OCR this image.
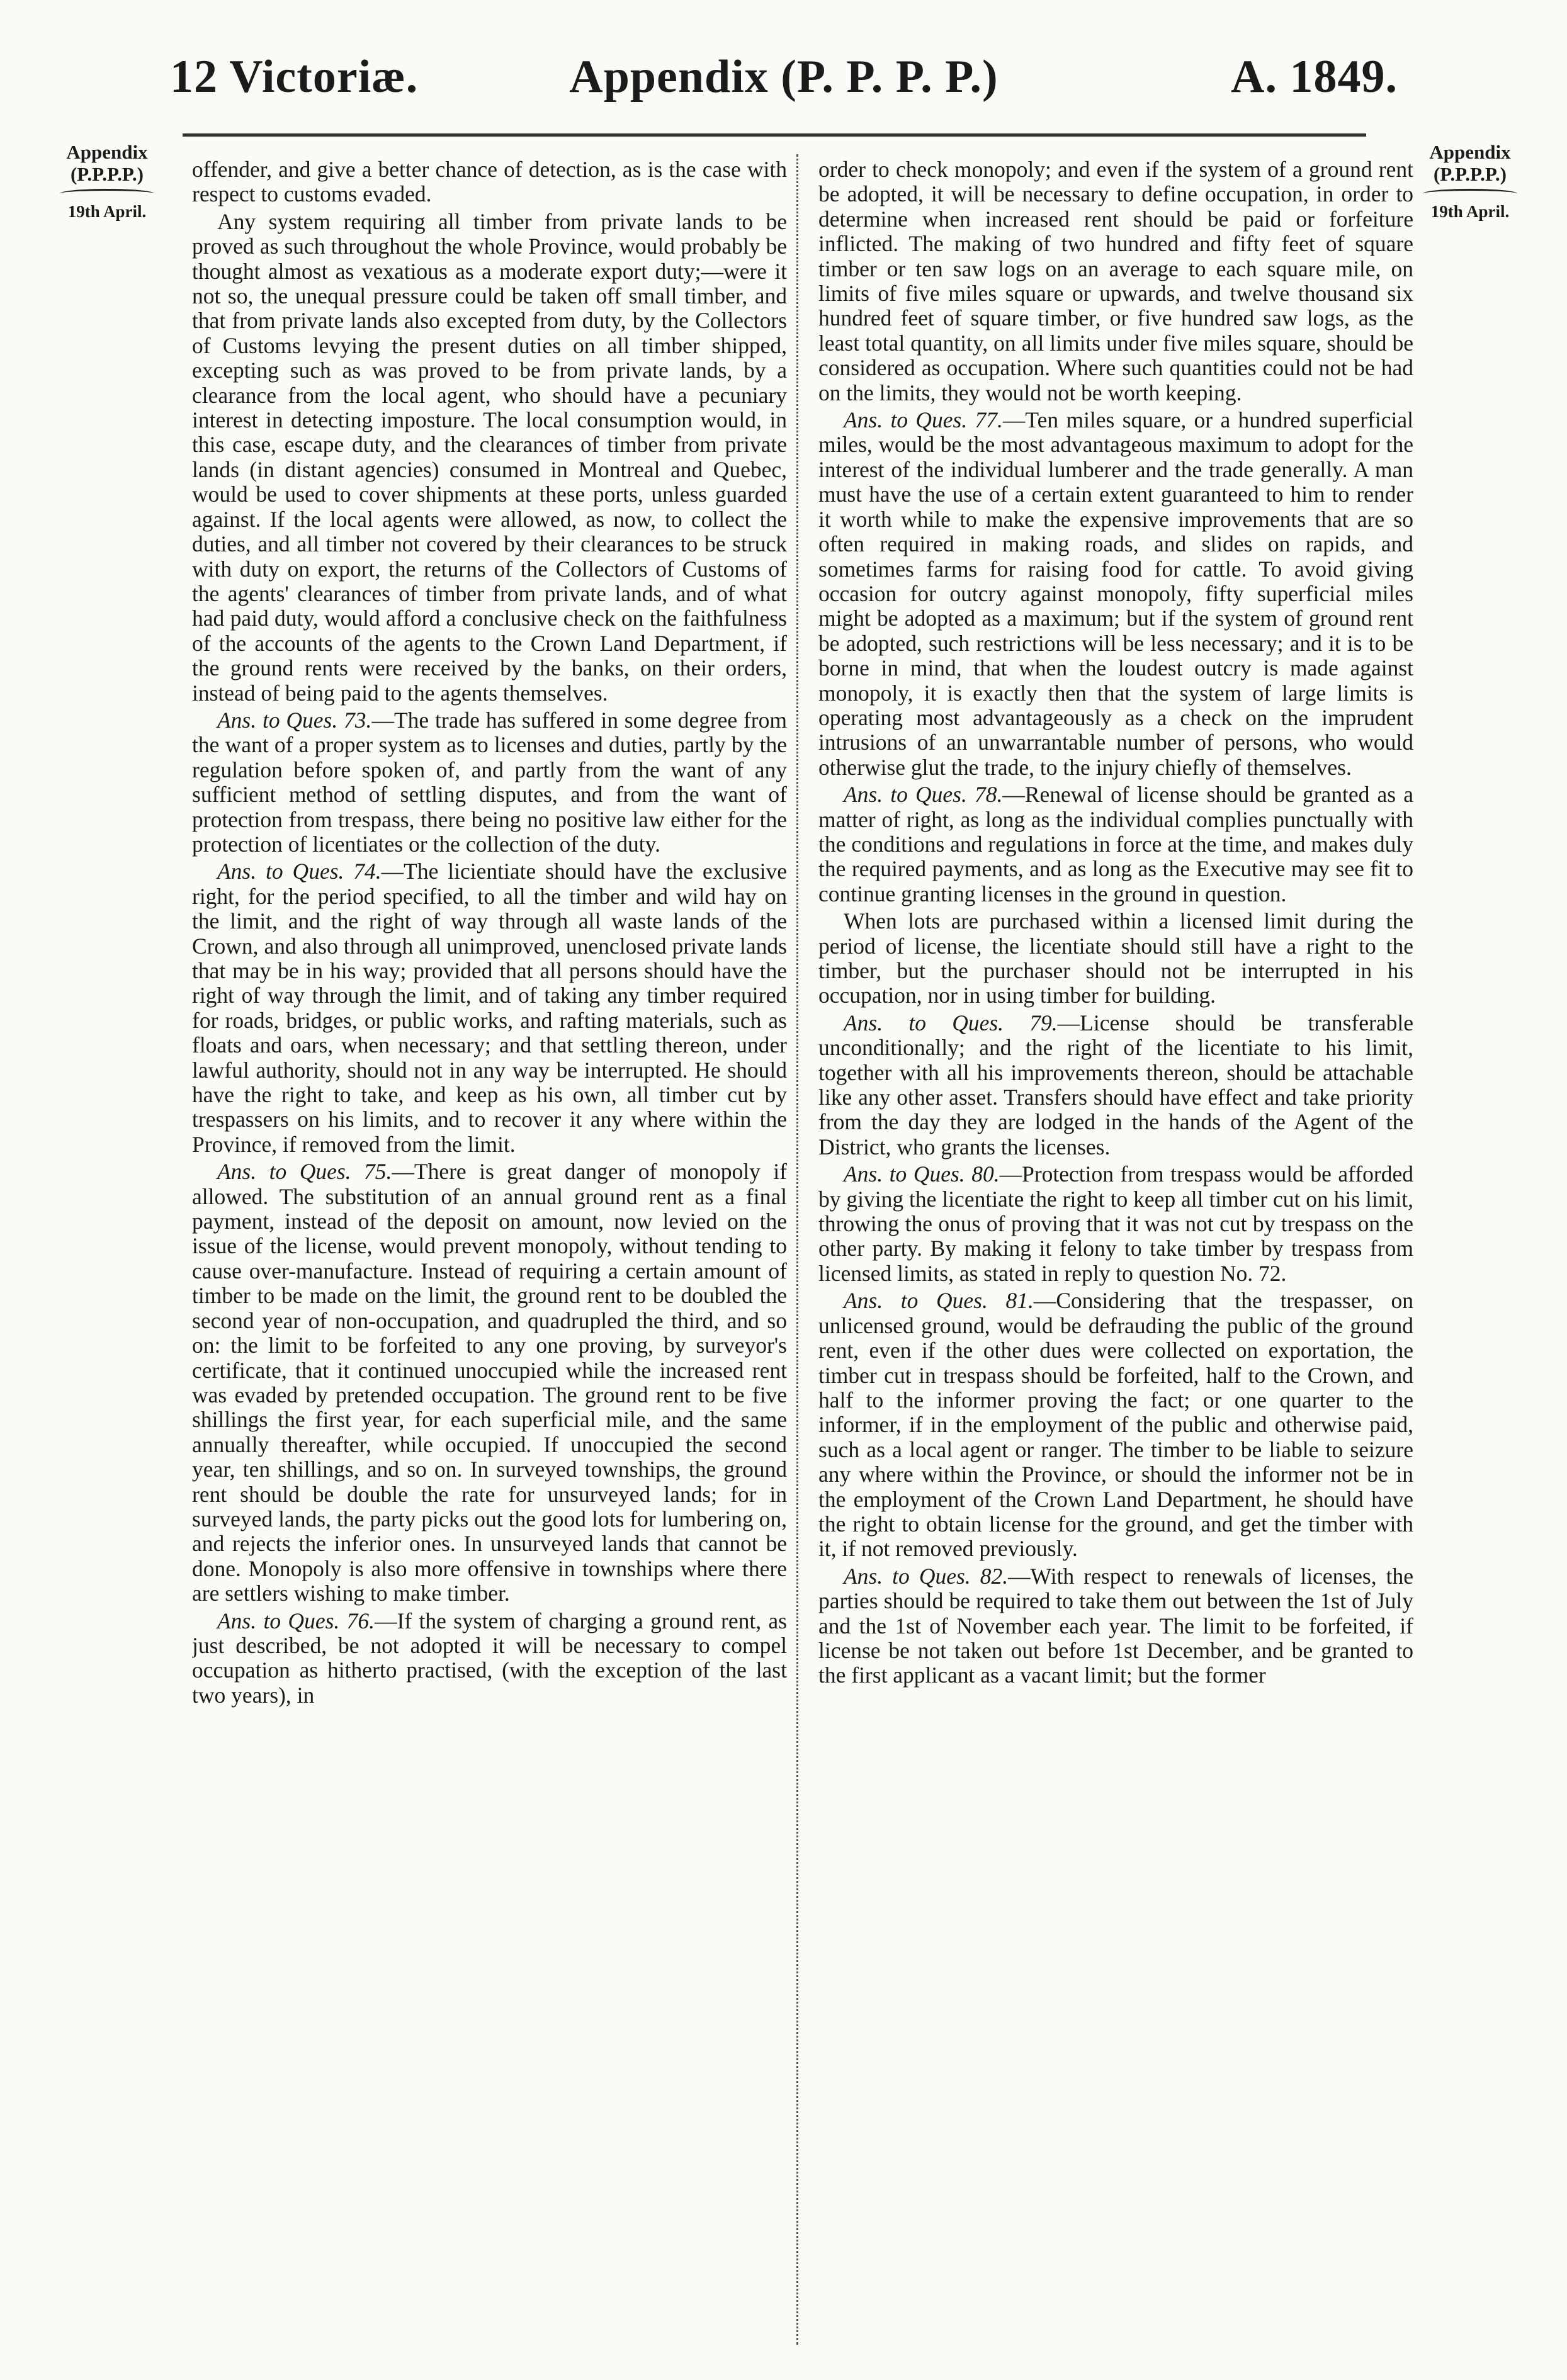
12 Victoriæ.	Appendix (P. P. P. P.)	A. 1849.
Appendix
(P.P.P.P.)
19th April.
Appendix
(P.P.P.P.)
19th April.

offender, and give a better chance of detection, as is the case with respect to customs evaded.

Any system requiring all timber from private lands to be proved as such throughout the whole Province, would probably be thought almost as vexatious as a moderate export duty;—were it not so, the unequal pressure could be taken off small timber, and that from private lands also excepted from duty, by the Collectors of Customs levying the present duties on all timber shipped, excepting such as was proved to be from private lands, by a clearance from the local agent, who should have a pecuniary interest in detecting imposture. The local consumption would, in this case, escape duty, and the clearances of timber from private lands (in distant agencies) consumed in Montreal and Quebec, would be used to cover shipments at these ports, unless guarded against. If the local agents were allowed, as now, to collect the duties, and all timber not covered by their clearances to be struck with duty on export, the returns of the Collectors of Customs of the agents' clearances of timber from private lands, and of what had paid duty, would afford a conclusive check on the faithfulness of the accounts of the agents to the Crown Land Department, if the ground rents were received by the banks, on their orders, instead of being paid to the agents themselves.

Ans. to Ques. 73.—The trade has suffered in some degree from the want of a proper system as to licenses and duties, partly by the regulation before spoken of, and partly from the want of any sufficient method of settling disputes, and from the want of protection from trespass, there being no positive law either for the protection of licentiates or the collection of the duty.

Ans. to Ques. 74.—The licientiate should have the exclusive right, for the period specified, to all the timber and wild hay on the limit, and the right of way through all waste lands of the Crown, and also through all unimproved, unenclosed private lands that may be in his way; provided that all persons should have the right of way through the limit, and of taking any timber required for roads, bridges, or public works, and rafting materials, such as floats and oars, when necessary; and that settling thereon, under lawful authority, should not in any way be interrupted. He should have the right to take, and keep as his own, all timber cut by trespassers on his limits, and to recover it any where within the Province, if removed from the limit.

Ans. to Ques. 75.—There is great danger of monopoly if allowed. The substitution of an annual ground rent as a final payment, instead of the deposit on amount, now levied on the issue of the license, would prevent monopoly, without tending to cause over-manufacture. Instead of requiring a certain amount of timber to be made on the limit, the ground rent to be doubled the second year of non-occupation, and quadrupled the third, and so on: the limit to be forfeited to any one proving, by surveyor's certificate, that it continued unoccupied while the increased rent was evaded by pretended occupation. The ground rent to be five shillings the first year, for each superficial mile, and the same annually thereafter, while occupied. If unoccupied the second year, ten shillings, and so on. In surveyed townships, the ground rent should be double the rate for unsurveyed lands; for in surveyed lands, the party picks out the good lots for lumbering on, and rejects the inferior ones. In unsurveyed lands that cannot be done. Monopoly is also more offensive in townships where there are settlers wishing to make timber.

Ans. to Ques. 76.—If the system of charging a ground rent, as just described, be not adopted it will be necessary to compel occupation as hitherto practised, (with the exception of the last two years), in

order to check monopoly; and even if the system of a ground rent be adopted, it will be necessary to define occupation, in order to determine when increased rent should be paid or forfeiture inflicted. The making of two hundred and fifty feet of square timber or ten saw logs on an average to each square mile, on limits of five miles square or upwards, and twelve thousand six hundred feet of square timber, or five hundred saw logs, as the least total quantity, on all limits under five miles square, should be considered as occupation. Where such quantities could not be had on the limits, they would not be worth keeping.

Ans. to Ques. 77.—Ten miles square, or a hundred superficial miles, would be the most advantageous maximum to adopt for the interest of the individual lumberer and the trade generally. A man must have the use of a certain extent guaranteed to him to render it worth while to make the expensive improvements that are so often required in making roads, and slides on rapids, and sometimes farms for raising food for cattle. To avoid giving occasion for outcry against monopoly, fifty superficial miles might be adopted as a maximum; but if the system of ground rent be adopted, such restrictions will be less necessary; and it is to be borne in mind, that when the loudest outcry is made against monopoly, it is exactly then that the system of large limits is operating most advantageously as a check on the imprudent intrusions of an unwarrantable number of persons, who would otherwise glut the trade, to the injury chiefly of themselves.

Ans. to Ques. 78.—Renewal of license should be granted as a matter of right, as long as the individual complies punctually with the conditions and regulations in force at the time, and makes duly the required payments, and as long as the Executive may see fit to continue granting licenses in the ground in question.

When lots are purchased within a licensed limit during the period of license, the licentiate should still have a right to the timber, but the purchaser should not be interrupted in his occupation, nor in using timber for building.

Ans. to Ques. 79.—License should be transferable unconditionally; and the right of the licentiate to his limit, together with all his improvements thereon, should be attachable like any other asset. Transfers should have effect and take priority from the day they are lodged in the hands of the Agent of the District, who grants the licenses.

Ans. to Ques. 80.—Protection from trespass would be afforded by giving the licentiate the right to keep all timber cut on his limit, throwing the onus of proving that it was not cut by trespass on the other party. By making it felony to take timber by trespass from licensed limits, as stated in reply to question No. 72.

Ans. to Ques. 81.—Considering that the trespasser, on unlicensed ground, would be defrauding the public of the ground rent, even if the other dues were collected on exportation, the timber cut in trespass should be forfeited, half to the Crown, and half to the informer proving the fact; or one quarter to the informer, if in the employment of the public and otherwise paid, such as a local agent or ranger. The timber to be liable to seizure any where within the Province, or should the informer not be in the employment of the Crown Land Department, he should have the right to obtain license for the ground, and get the timber with it, if not removed previously.

Ans. to Ques. 82.—With respect to renewals of licenses, the parties should be required to take them out between the 1st of July and the 1st of November each year. The limit to be forfeited, if license be not taken out before 1st December, and be granted to the first applicant as a vacant limit; but the former
